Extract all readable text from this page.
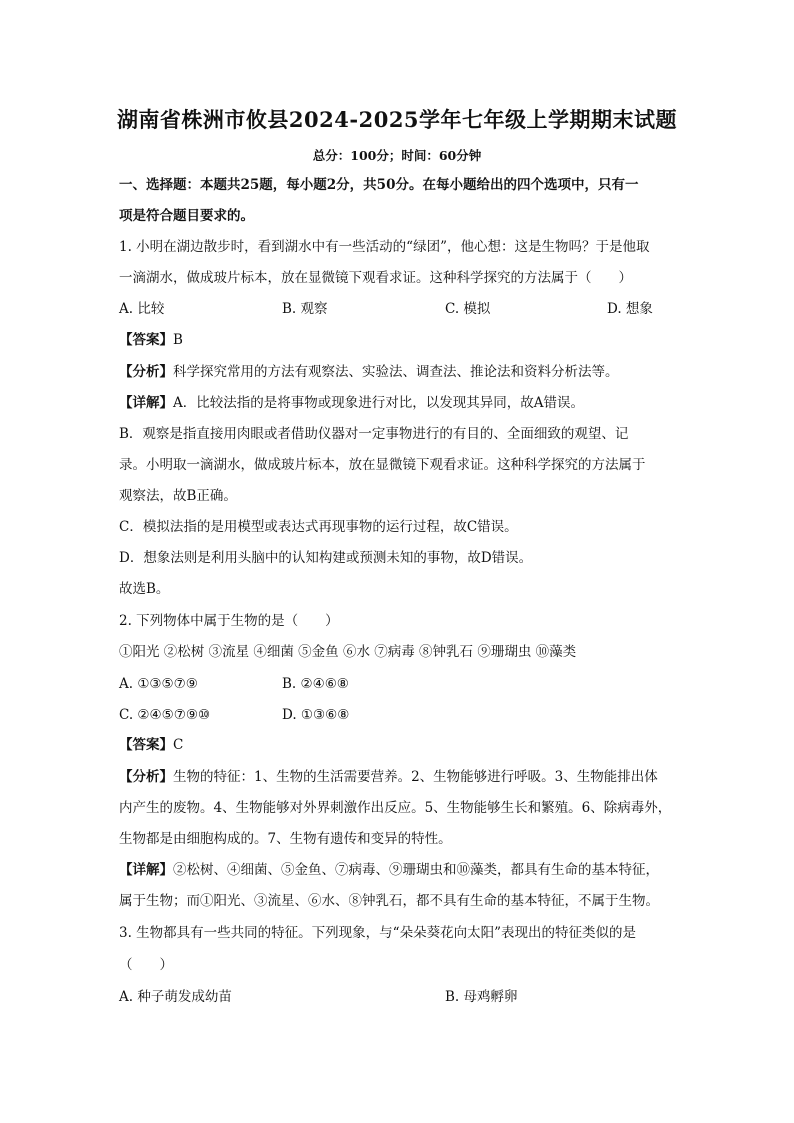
湖南省株洲市攸县2024-2025学年七年级上学期期末试题
总分：100分；时间：60分钟
一、选择题：本题共25题，每小题2分，共50分。在每小题给出的四个选项中，只有一
项是符合题目要求的。
1. 小明在湖边散步时，看到湖水中有一些活动的“绿团”，他心想：这是生物吗？于是他取
一滴湖水，做成玻片标本，放在显微镜下观看求证。这种科学探究的方法属于（　　）
A. 比较	B. 观察	C. 模拟	D. 想象
【答案】B
【分析】科学探究常用的方法有观察法、实验法、调查法、推论法和资料分析法等。
【详解】A．比较法指的是将事物或现象进行对比，以发现其异同，故A错误。
B．观察是指直接用肉眼或者借助仪器对一定事物进行的有目的、全面细致的观望、记
录。小明取一滴湖水，做成玻片标本，放在显微镜下观看求证。这种科学探究的方法属于
观察法，故B正确。
C．模拟法指的是用模型或表达式再现事物的运行过程，故C错误。
D．想象法则是利用头脑中的认知构建或预测未知的事物，故D错误。
故选B。
2. 下列物体中属于生物的是（　　）
①阳光 ②松树 ③流星 ④细菌 ⑤金鱼 ⑥水 ⑦病毒 ⑧钟乳石 ⑨珊瑚虫 ⑩藻类
A. ①③⑤⑦⑨	B. ②④⑥⑧
C. ②④⑤⑦⑨⑩	D. ①③⑥⑧
【答案】C
【分析】生物的特征：1、生物的生活需要营养。2、生物能够进行呼吸。3、生物能排出体
内产生的废物。4、生物能够对外界刺激作出反应。5、生物能够生长和繁殖。6、除病毒外，
生物都是由细胞构成的。7、生物有遗传和变异的特性。
【详解】②松树、④细菌、⑤金鱼、⑦病毒、⑨珊瑚虫和⑩藻类，都具有生命的基本特征，
属于生物；而①阳光、③流星、⑥水、⑧钟乳石，都不具有生命的基本特征，不属于生物。
3. 生物都具有一些共同的特征。下列现象，与“朵朵葵花向太阳”表现出的特征类似的是
（　　）
A. 种子萌发成幼苗	B. 母鸡孵卵
